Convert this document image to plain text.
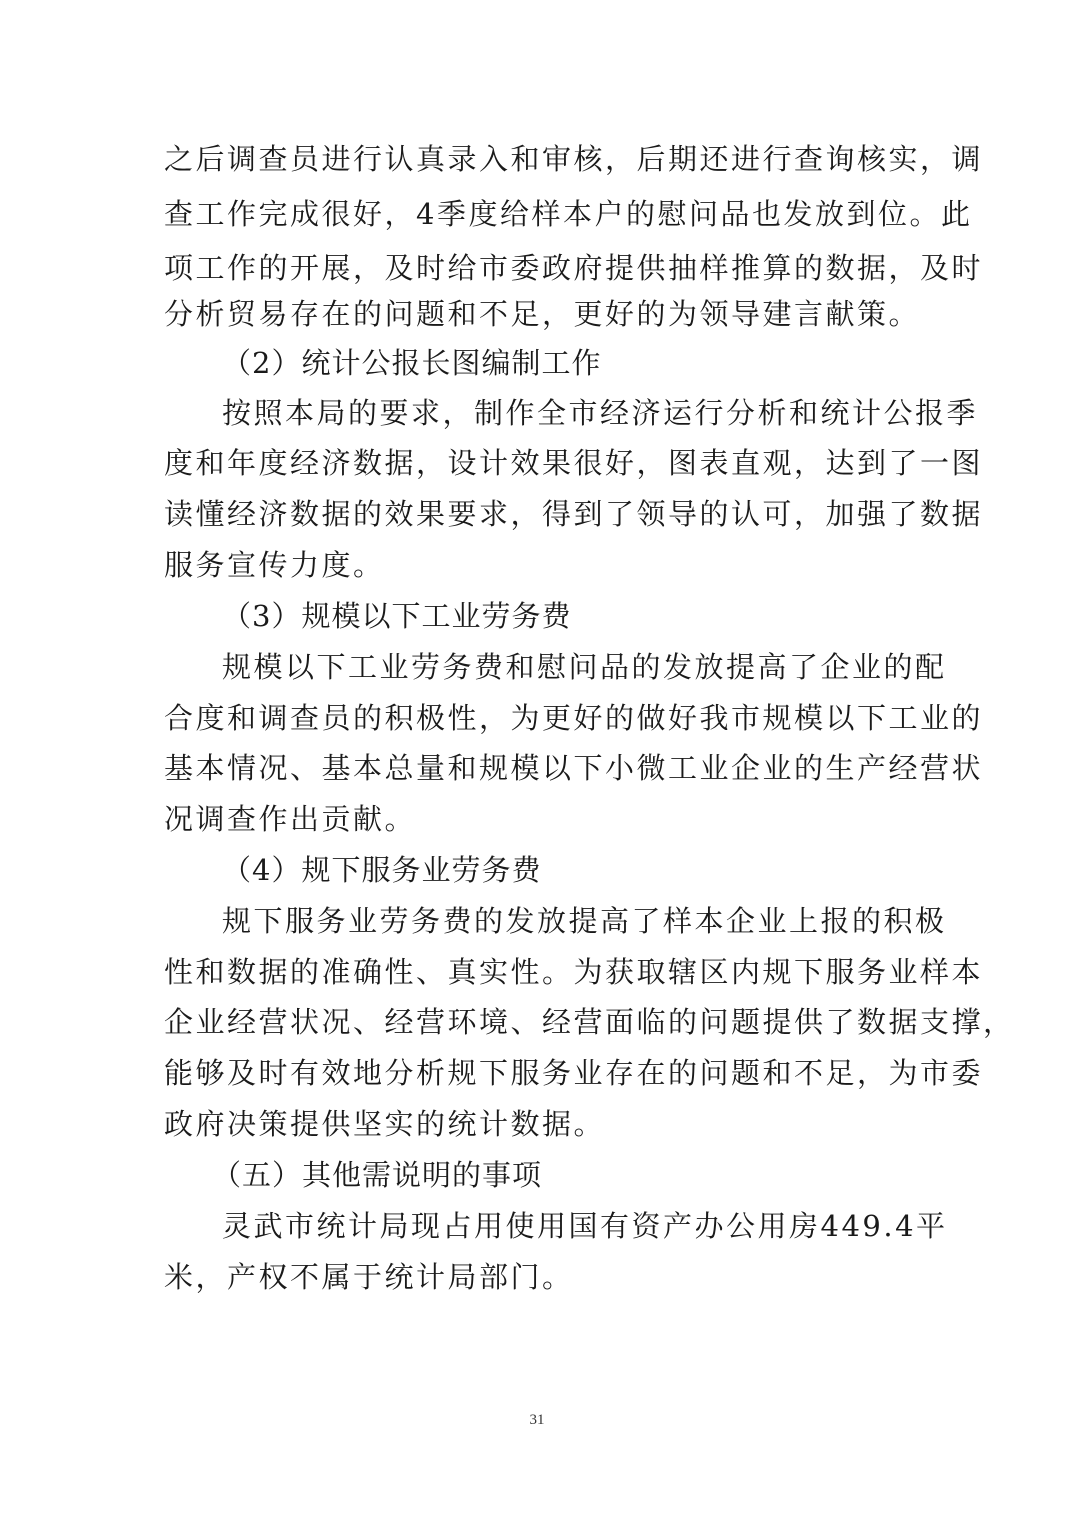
之后调查员进行认真录入和审核，后期还进行查询核实，调
查工作完成很好，4季度给样本户的慰问品也发放到位。此
项工作的开展，及时给市委政府提供抽样推算的数据，及时
分析贸易存在的问题和不足，更好的为领导建言献策。
（2）统计公报长图编制工作
按照本局的要求，制作全市经济运行分析和统计公报季
度和年度经济数据，设计效果很好，图表直观，达到了一图
读懂经济数据的效果要求，得到了领导的认可，加强了数据
服务宣传力度。
（3）规模以下工业劳务费
规模以下工业劳务费和慰问品的发放提高了企业的配
合度和调查员的积极性，为更好的做好我市规模以下工业的
基本情况、基本总量和规模以下小微工业企业的生产经营状
况调查作出贡献。
（4）规下服务业劳务费
规下服务业劳务费的发放提高了样本企业上报的积极
性和数据的准确性、真实性。为获取辖区内规下服务业样本
企业经营状况、经营环境、经营面临的问题提供了数据支撑，
能够及时有效地分析规下服务业存在的问题和不足，为市委
政府决策提供坚实的统计数据。
（五）其他需说明的事项
灵武市统计局现占用使用国有资产办公用房449.4平
米，产权不属于统计局部门。
31
